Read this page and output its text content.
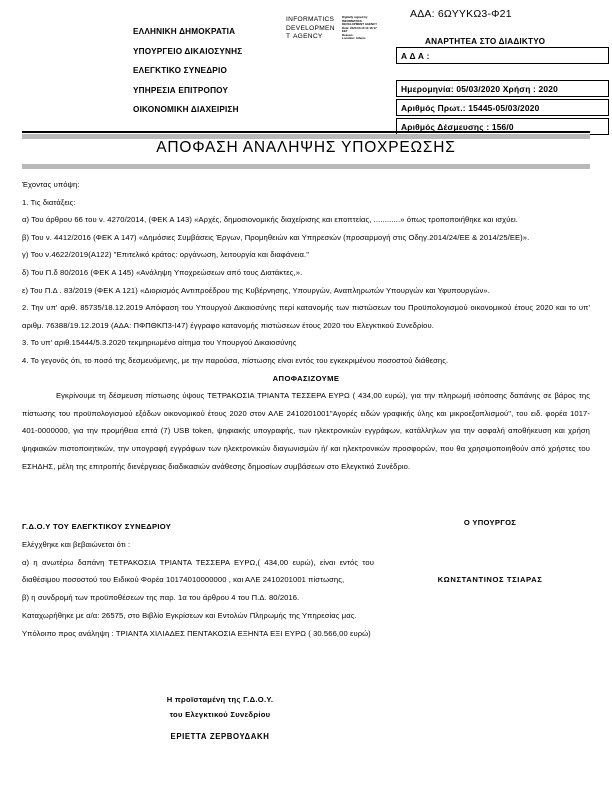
ΑΔΑ: 6ΩΥΥΚΩ3-Φ21
ΕΛΛΗΝΙΚΗ ΔΗΜΟΚΡΑΤΙΑ
ΥΠΟΥΡΓΕΙΟ ΔΙΚΑΙΟΣΥΝΗΣ
ΕΛΕΓΚΤΙΚΟ ΣΥΝΕΔΡΙΟ
ΥΠΗΡΕΣΙΑ ΕΠΙΤΡΟΠΟΥ
ΟΙΚΟΝΟΜΙΚΗ ΔΙΑΧΕΙΡΙΣΗ
INFORMATICS
DEVELOPMEN
T AGENCY
Digitally signed by
INFORMATICS
DEVELOPMENT AGENCY
Date: 2020.03.10 11:16:17
EET
Reason:
Location: Athens	ΑΝΑΡΤΗΤΕΑ ΣΤΟ ΔΙΑΔΙΚΤΥΟ
Α Δ Α :
Ημερομηνία: 05/03/2020 Χρήση : 2020
Αριθμός Πρωτ.: 15445-05/03/2020
Αριθμός Δέσμευσης : 156/0
ΑΠΟΦΑΣΗ ΑΝΑΛΗΨΗΣ ΥΠΟΧΡΕΩΣΗΣ

Έχοντας υπόψη:

1. Τις διατάξεις:

α) Του άρθρου 66 του ν. 4270/2014, (ΦΕΚ Α 143) «Αρχές, δημοσιονομικής διαχείρισης και εποπτείας, ............» όπως τροποποιήθηκε και ισχύει.

β) Του ν. 4412/2016 (ΦΕΚ Α 147) «Δημόσιες Συμβάσεις Έργων, Προμηθειών και Υπηρεσιών (προσαρμογή στις Οδηγ.2014/24/ΕΕ & 2014/25/ΕΕ)».

γ) Του ν.4622/2019(Α122) "Επιτελικό κράτος: οργάνωση, λειτουργία και διαφάνεια."

δ) Του Π.δ 80/2016 (ΦΕΚ Α 145) «Ανάληψη Υποχρεώσεων από τους Διατάκτες,».

ε) Του Π.Δ . 83/2019 (ΦΕΚ Α 121) «Διορισμός Αντιπροέδρου της Κυβέρνησης, Υπουργών, Αναπληρωτών Υπουργών και Υφυπουργών».

2. Την υπ' αριθ. 85735/18.12.2019 Απόφαση του Υπουργού Δικαιοσύνης περί κατανομής των πιστώσεων του Προϋπολογισμού οικονομικού έτους 2020 και το υπ' αριθμ. 76388/19.12.2019 (ΑΔΑ: ΠΦΠΘΚΠ3-Ι47) έγγραφο κατανομής πιστώσεων έτους 2020 του Ελεγκτικού Συνεδρίου.

3. Το υπ' αριθ.15444/5.3.2020 τεκμηριωμένο αίτημα του Υπουργού Δικαιοσύνης

4. Το γεγονός ότι, το ποσό της δεσμευόμενης, με την παρούσα, πίστωσης είναι εντός του εγκεκριμένου ποσοστού διάθεσης.

ΑΠΟΦΑΣΙΖΟΥΜΕ

Εγκρίνουμε τη δέσμευση πίστωσης ύψους ΤΕΤΡΑΚΟΣΙΑ ΤΡΙΑΝΤΑ ΤΕΣΣΕΡΑ ΕΥΡΩ ( 434,00 ευρώ), για την πληρωμή ισόποσης δαπάνης σε βάρος της πίστωσης του προϋπολογισμού εξόδων οικονομικού έτους 2020 στον ΑΛΕ 2410201001"Αγορές ειδών γραφικής ύλης και μικροεξοπλισμού", του ειδ. φορέα 1017-401-0000000, για την προμήθεια επτά (7) USB token, ψηφιακής υπογραφής, των ηλεκτρονικών εγγράφων, κατάλληλων για την ασφαλή αποθήκευση και χρήση ψηφιακών πιστοποιητικών, την υπογραφή εγγράφων των ηλεκτρονικών διαγωνισμών ή/ και ηλεκτρονικών προσφορών, που θα χρησιμοποιηθούν από χρήστες του ΕΣΗΔΗΣ, μέλη της επιτροπής διενέργειας διαδικασιών ανάθεσης δημοσίων συμβάσεων στο Ελεγκτικό Συνέδριο.

Γ.Δ.Ο.Υ ΤΟΥ ΕΛΕΓΚΤΙΚΟΥ ΣΥΝΕΔΡΙΟΥ

Ελέγχθηκε και βεβαιώνεται ότι :

α) η ανωτέρω δαπάνη ΤΕΤΡΑΚΟΣΙΑ ΤΡΙΑΝΤΑ ΤΕΣΣΕΡΑ ΕΥΡΩ,( 434,00 ευρώ), είναι εντός του διαθέσιμου ποσοστού του Ειδικού Φορέα 10174010000000 , και ΑΛΕ 2410201001 πίστωσης,

β) η συνδρομή των προϋποθέσεων της παρ. 1α του άρθρου 4 του Π.Δ. 80/2016.

Καταχωρήθηκε με α/α: 26575, στο Βιβλίο Εγκρίσεων και Εντολών Πληρωμής της Υπηρεσίας μας.

Υπόλοιπο προς ανάληψη : ΤΡΙΑΝΤΑ ΧΙΛΙΑΔΕΣ ΠΕΝΤΑΚΟΣΙΑ ΕΞΗΝΤΑ ΕΞΙ ΕΥΡΩ ( 30.566,00 ευρώ)

Ο ΥΠΟΥΡΓΟΣ
ΚΩΝΣΤΑΝΤΙΝΟΣ ΤΣΙΑΡΑΣ
Η προϊσταμένη της Γ.Δ.Ο.Υ.
του Ελεγκτικού Συνεδρίου
ΕΡΙΕΤΤΑ ΖΕΡΒΟΥΔΑΚΗ
